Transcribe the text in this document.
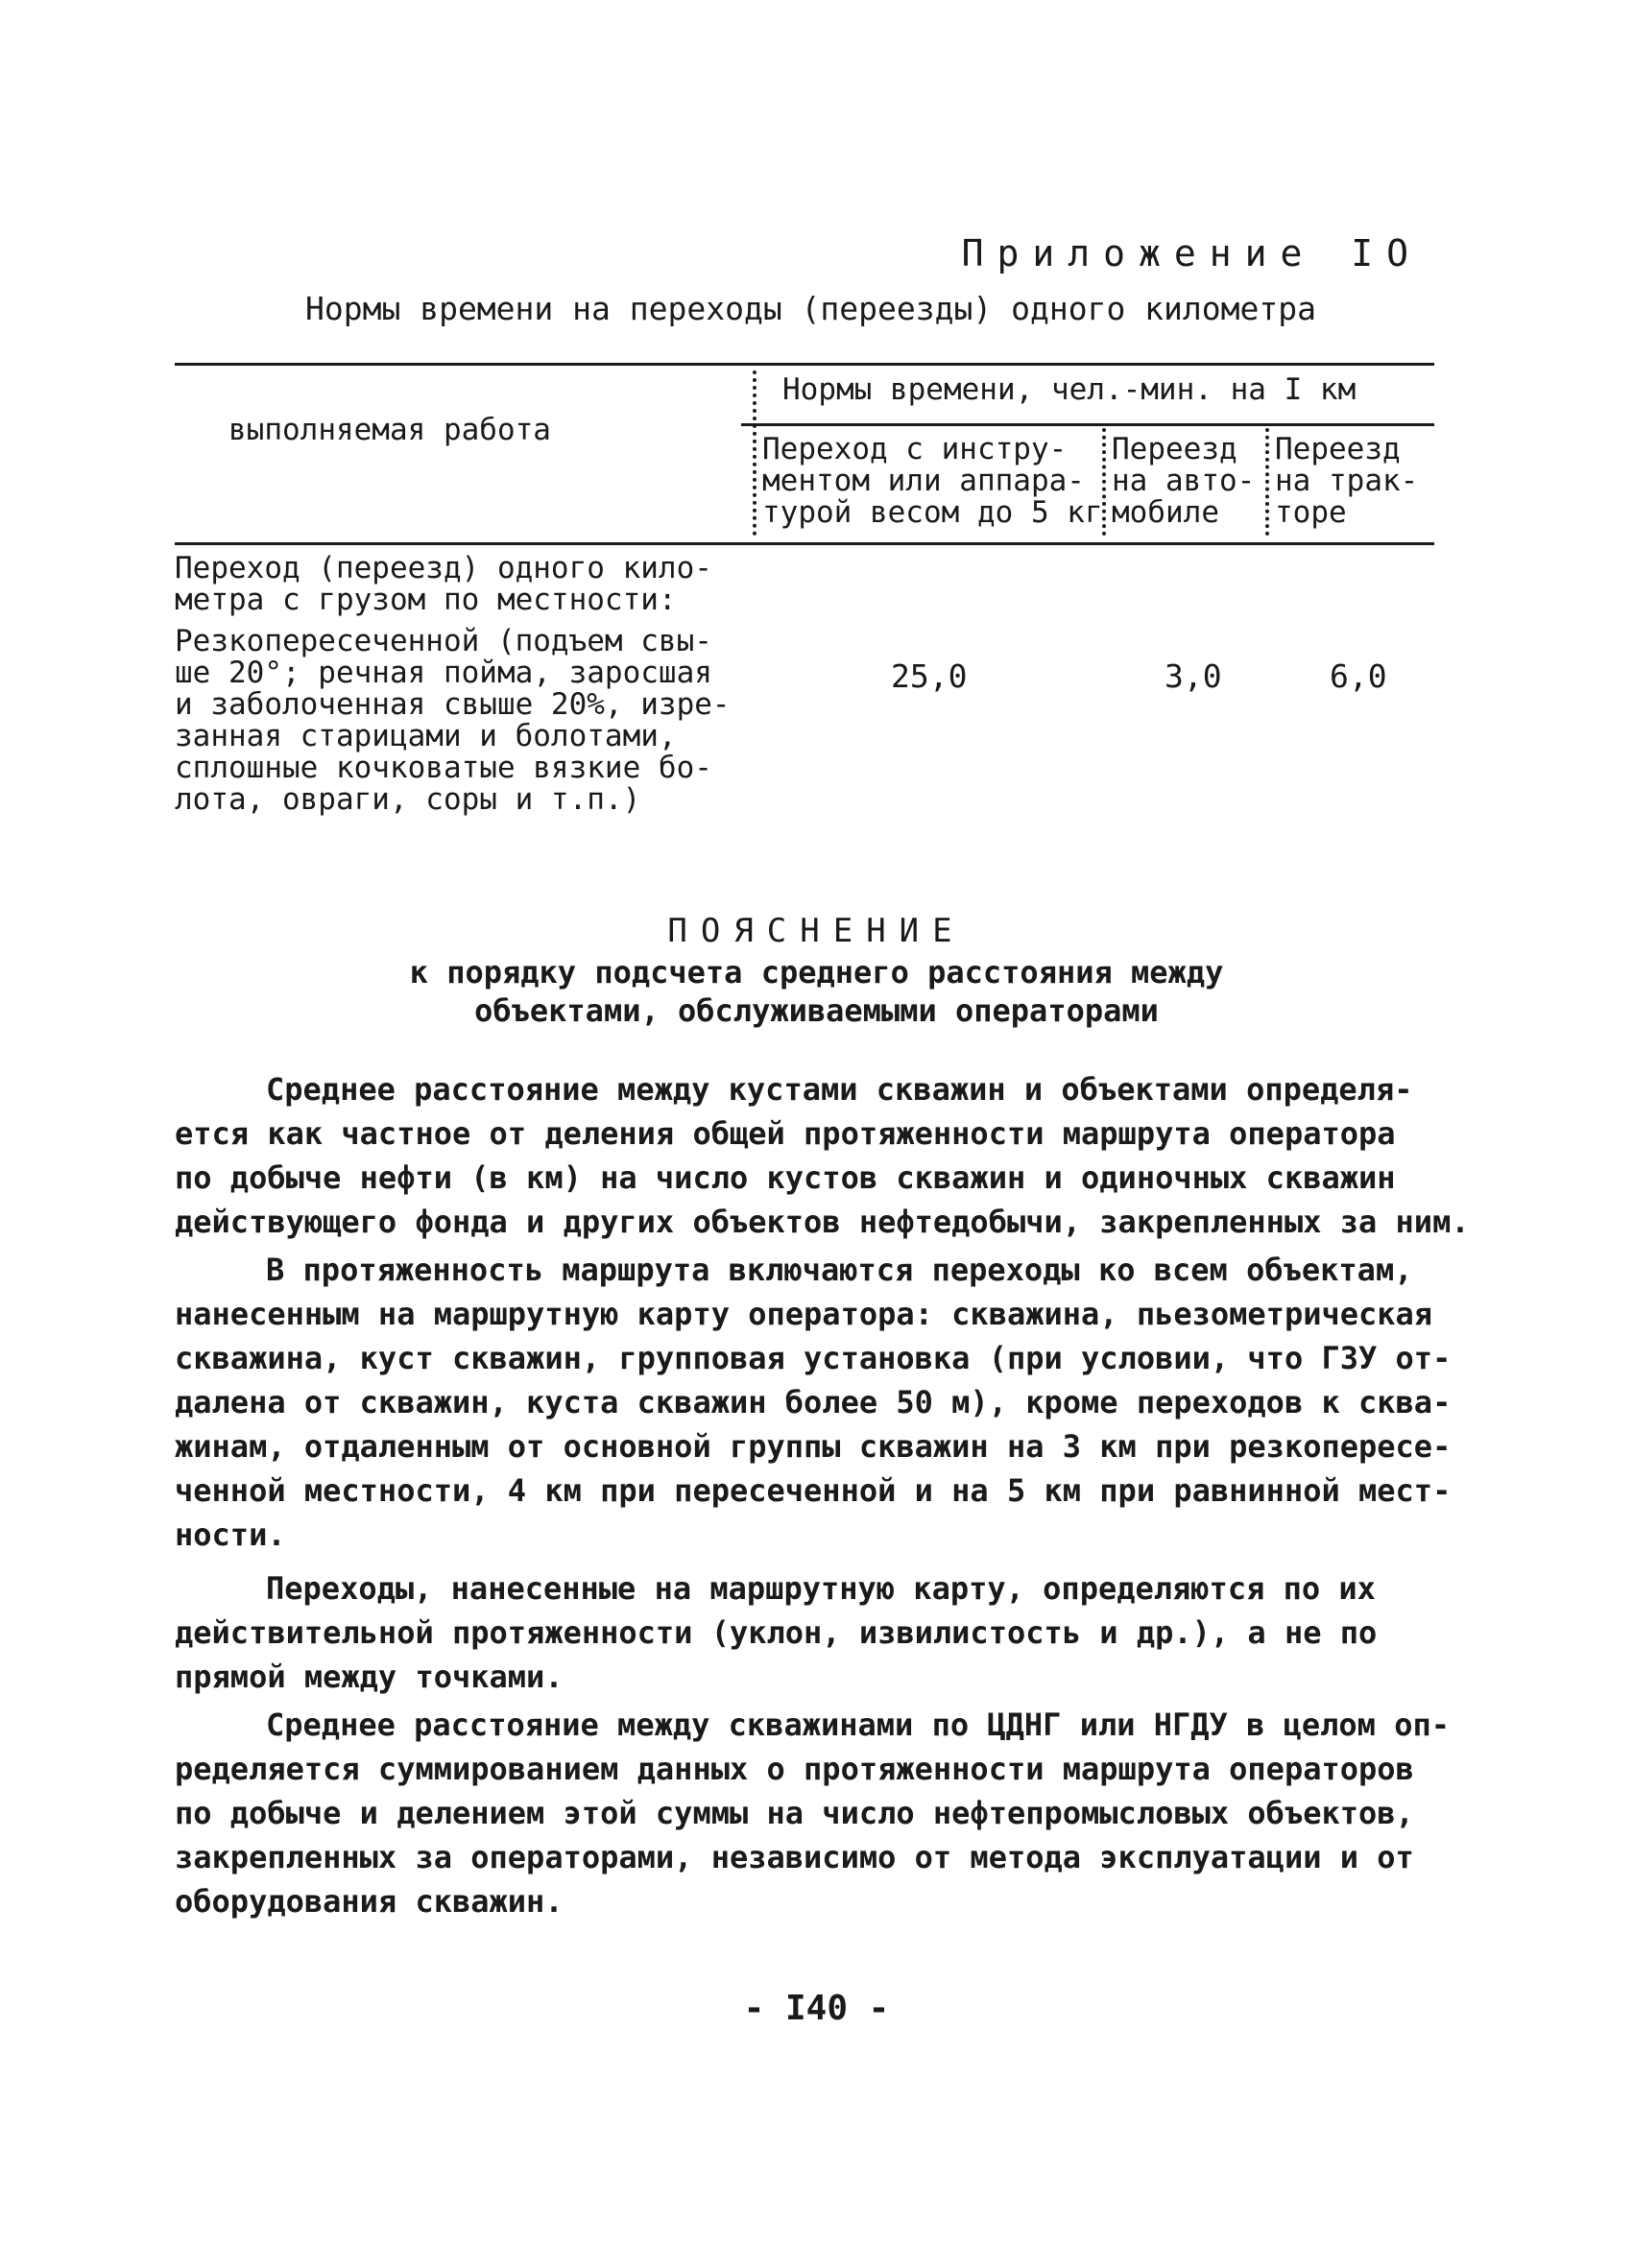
Приложение IO
Нормы времени на переходы (переезды) одного километра
выполняемая работа
Нормы времени, чел.-мин. на I км
Переход с инстру-
ментом или аппара-
турой весом до 5 кг
Переезд
на авто-
мобиле
Переезд
на трак-
торе
Переход (переезд) одного кило-
метра с грузом по местности:
Резкопересеченной (подъем свы-
ше 20°; речная пойма, заросшая
и заболоченная свыше 20%, изре-
занная старицами и болотами,
сплошные кочковатые вязкие бо-
лота, овраги, соры и т.п.)
25,0	3,0	6,0
ПОЯСНЕНИЕ
к порядку подсчета среднего расстояния между
объектами, обслуживаемыми операторами
Среднее расстояние между кустами скважин и объектами определя-
ется как частное от деления общей протяженности маршрута оператора
по добыче нефти (в км) на число кустов скважин и одиночных скважин
действующего фонда и других объектов нефтедобычи, закрепленных за ним.
В протяженность маршрута включаются переходы ко всем объектам,
нанесенным на маршрутную карту оператора: скважина, пьезометрическая
скважина, куст скважин, групповая установка (при условии, что ГЗУ от-
далена от скважин, куста скважин более 50 м), кроме переходов к сква-
жинам, отдаленным от основной группы скважин на 3 км при резкопересе-
ченной местности, 4 км при пересеченной и на 5 км при равнинной мест-
ности.
Переходы, нанесенные на маршрутную карту, определяются по их
действительной протяженности (уклон, извилистость и др.), а не по
прямой между точками.
Среднее расстояние между скважинами по ЦДНГ или НГДУ в целом оп-
ределяется суммированием данных о протяженности маршрута операторов
по добыче и делением этой суммы на число нефтепромысловых объектов,
закрепленных за операторами, независимо от метода эксплуатации и от
оборудования скважин.
- I40 -
